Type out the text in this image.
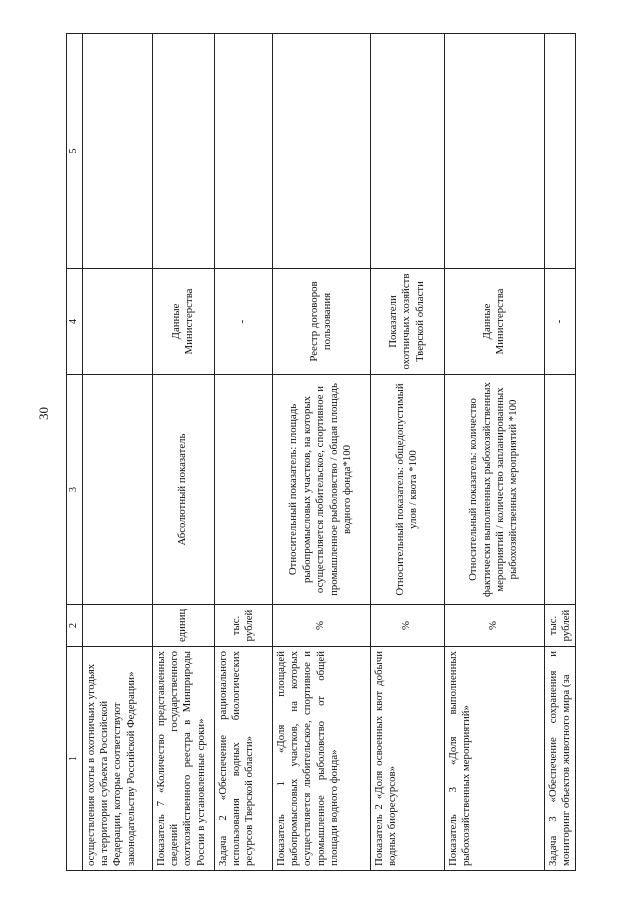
30
1	2	3	4	5
осуществления охоты в охотничьих угодьях на территории субъекта Российской Федерации, которые соответствуют законодательству Российской Федерации»				
Показатель 7 «Количество представленных сведений государственного охотхозяйственного реестра в Минприроды России в установленные сроки»	единиц	Абсолютный показатель	Данные Министерства	
Задача 2 «Обеспечение рационального использования водных биологических ресурсов Тверской области»	тыс. рублей		-	
Показатель 1 «Доля площадей рыбопромысловых участков, на которых осуществляется любительское, спортивное и промышленное рыболовство от общей площади водного фонда»	%	Относительный показатель: площадь рыбопромысловых участков, на которых осуществляется любительское, спортивное и промышленное рыболовство / общая площадь водного фонда*100	Реестр договоров пользования	
Показатель 2 «Доля освоенных квот добычи водных биоресурсов»	%	Относительный показатель: общедопустимый улов / квота *100	Показатели охотничьих хозяйств Тверской области	
Показатель 3 «Доля выполненных рыбохозяйственных мероприятий»	%	Относительный показатель: количество фактически выполненных рыбохозяйственных мероприятий / количество запланированных рыбохозяйственных мероприятий *100	Данные Министерства	
Задача 3 «Обеспечение сохранения и мониторинг объектов животного мира (за	тыс. рублей		-	
